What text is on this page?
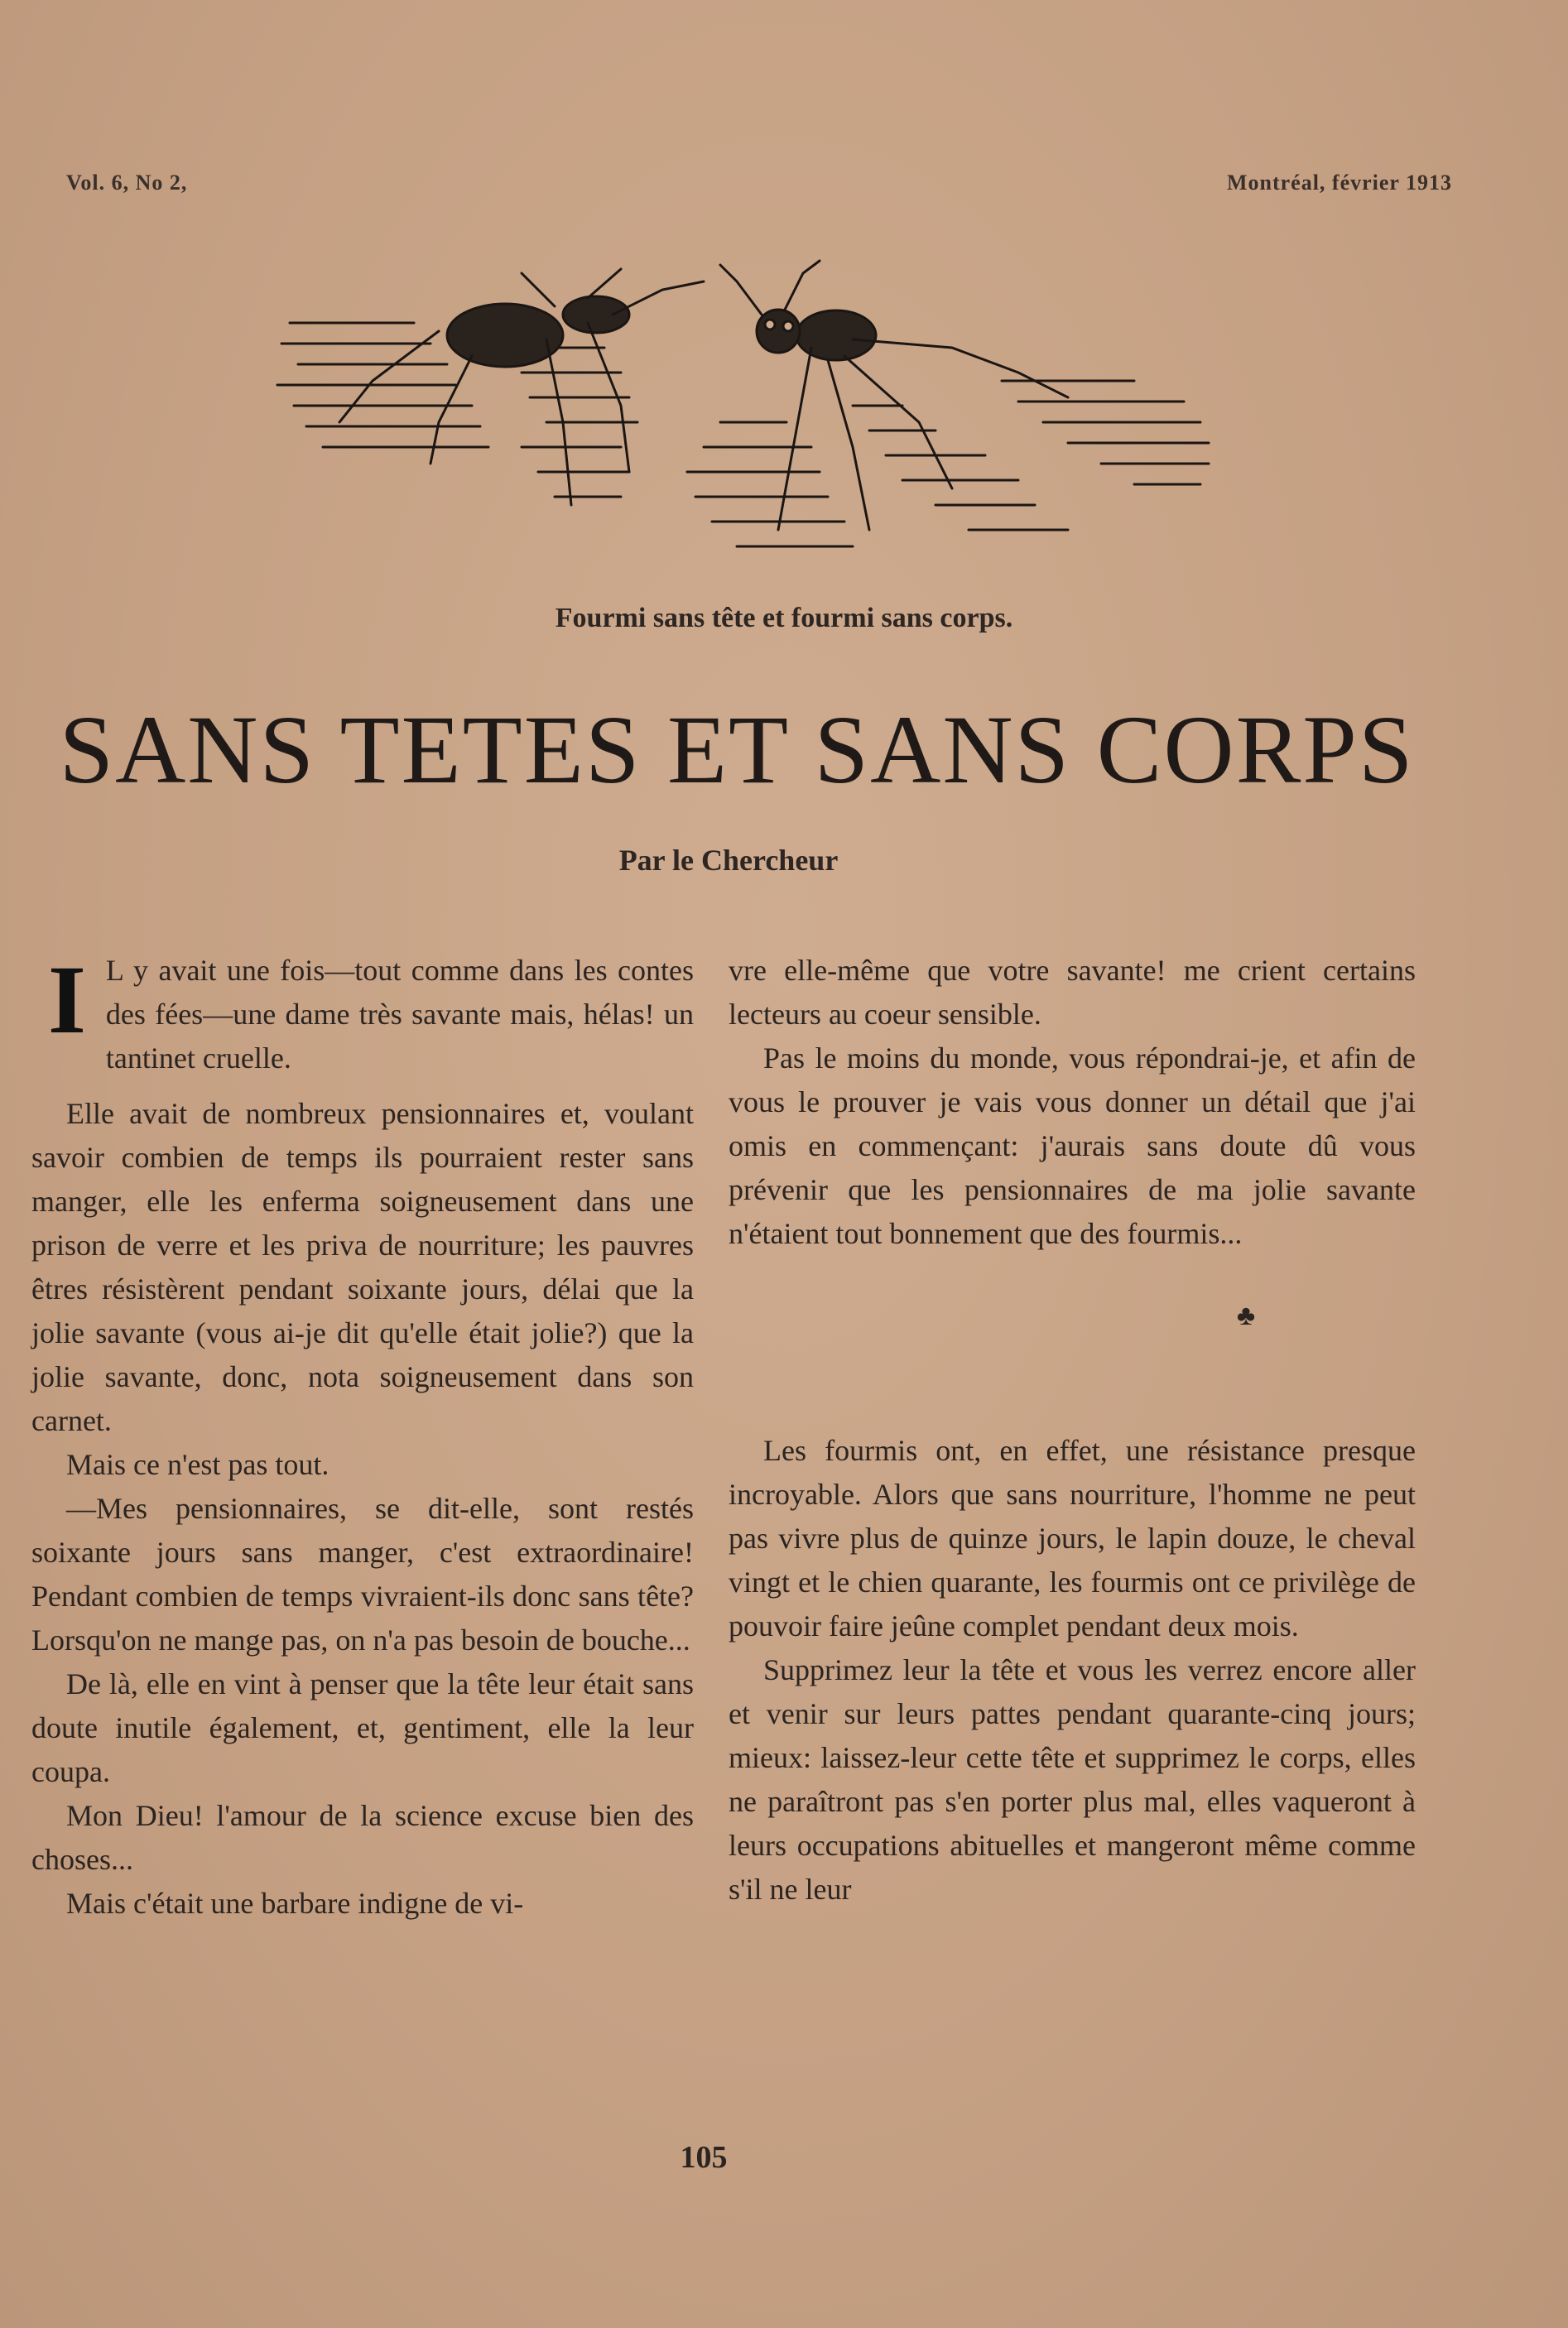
Vol. 6, No 2,	Montréal, février 1913
Fourmi sans tête et fourmi sans corps.
SANS TETES ET SANS CORPS
Par le Chercheur

I L y avait une fois—tout comme dans les contes des fées—une dame très savante mais, hélas! un tantinet cruelle.

Elle avait de nombreux pensionnaires et, voulant savoir combien de temps ils pourraient rester sans manger, elle les enferma soigneusement dans une prison de verre et les priva de nourriture; les pauvres êtres résistèrent pendant soixante jours, délai que la jolie savante (vous ai-je dit qu'elle était jolie?) que la jolie savante, donc, nota soigneusement dans son carnet.

Mais ce n'est pas tout.

—Mes pensionnaires, se dit-elle, sont restés soixante jours sans manger, c'est extraordinaire! Pendant combien de temps vivraient-ils donc sans tête? Lorsqu'on ne mange pas, on n'a pas besoin de bouche...

De là, elle en vint à penser que la tête leur était sans doute inutile également, et, gentiment, elle la leur coupa.

Mon Dieu! l'amour de la science excuse bien des choses...

Mais c'était une barbare indigne de vi-

vre elle-même que votre savante! me crient certains lecteurs au coeur sensible.

Pas le moins du monde, vous répondrai-je, et afin de vous le prouver je vais vous donner un détail que j'ai omis en commençant: j'aurais sans doute dû vous prévenir que les pensionnaires de ma jolie savante n'étaient tout bonnement que des fourmis...

♣

Les fourmis ont, en effet, une résistance presque incroyable. Alors que sans nourriture, l'homme ne peut pas vivre plus de quinze jours, le lapin douze, le cheval vingt et le chien quarante, les fourmis ont ce privilège de pouvoir faire jeûne complet pendant deux mois.

Supprimez leur la tête et vous les verrez encore aller et venir sur leurs pattes pendant quarante-cinq jours; mieux: laissez-leur cette tête et supprimez le corps, elles ne paraîtront pas s'en porter plus mal, elles vaqueront à leurs occupations abituelles et mangeront même comme s'il ne leur

105
